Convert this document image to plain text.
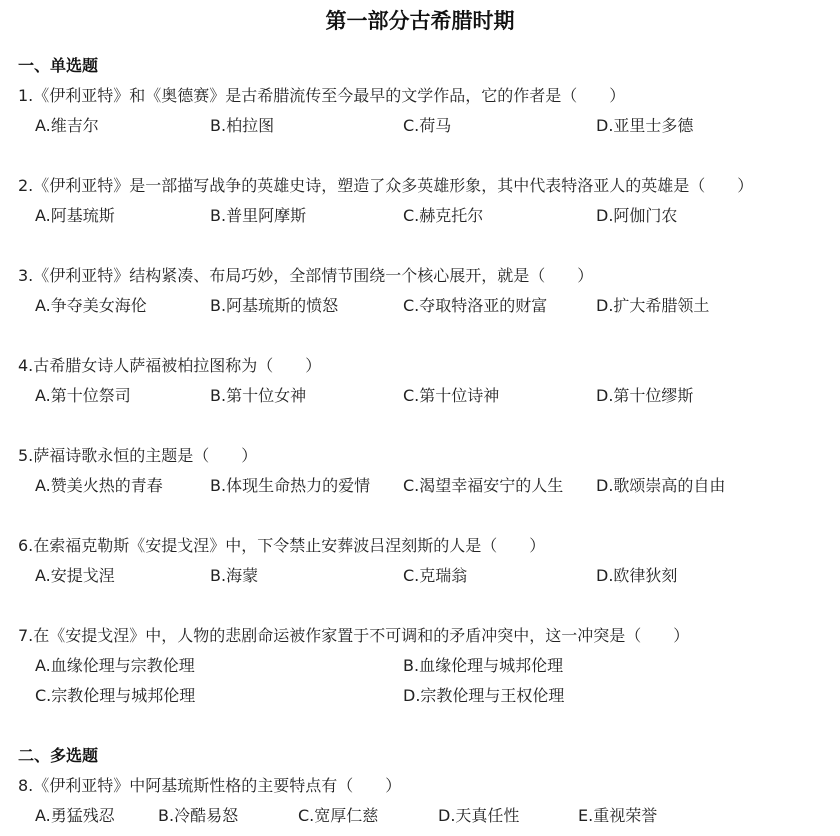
第一部分古希腊时期
一、单选题
1.《伊利亚特》和《奥德赛》是古希腊流传至今最早的文学作品，它的作者是（　　）
A.维吉尔	B.柏拉图	C.荷马	D.亚里士多德
2.《伊利亚特》是一部描写战争的英雄史诗，塑造了众多英雄形象，其中代表特洛亚人的英雄是（　　）
A.阿基琉斯	B.普里阿摩斯	C.赫克托尔	D.阿伽门农
3.《伊利亚特》结构紧凑、布局巧妙，全部情节围绕一个核心展开，就是（　　）
A.争夺美女海伦	B.阿基琉斯的愤怒	C.夺取特洛亚的财富	D.扩大希腊领土
4.古希腊女诗人萨福被柏拉图称为（　　）
A.第十位祭司	B.第十位女神	C.第十位诗神	D.第十位缪斯
5.萨福诗歌永恒的主题是（　　）
A.赞美火热的青春	B.体现生命热力的爱情 C.渴望幸福安宁的人生 D.歌颂崇高的自由
6.在索福克勒斯《安提戈涅》中，下令禁止安葬波吕涅刻斯的人是（　　）
A.安提戈涅	B.海蒙	C.克瑞翁	D.欧律狄刻
7.在《安提戈涅》中，人物的悲剧命运被作家置于不可调和的矛盾冲突中，这一冲突是（　　）
A.血缘伦理与宗教伦理	B.血缘伦理与城邦伦理
C.宗教伦理与城邦伦理	D.宗教伦理与王权伦理
二、多选题
8.《伊利亚特》中阿基琉斯性格的主要特点有（　　）
A.勇猛残忍	B.冷酷易怒	C.宽厚仁慈	D.天真任性	E.重视荣誉
